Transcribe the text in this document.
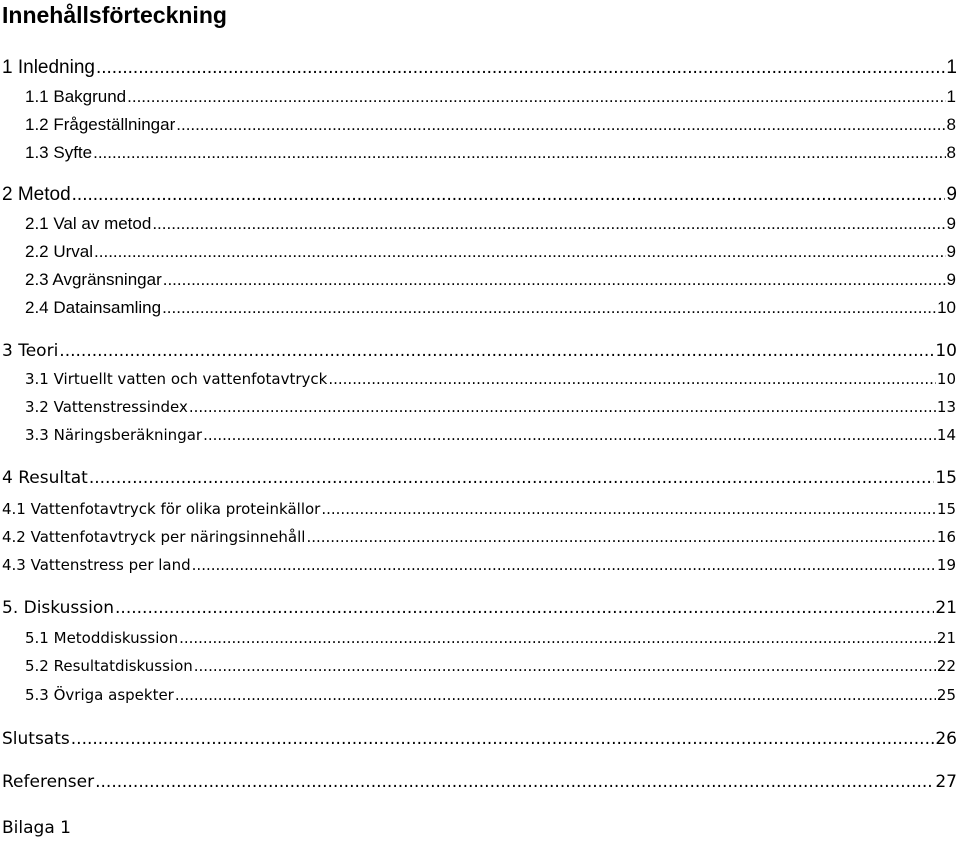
Innehållsförteckning
1 Inledning .....	1
1.1 Bakgrund .....	1
1.2 Frågeställningar .....	8
1.3 Syfte .....	8
2 Metod .....	9
2.1 Val av metod .....	9
2.2 Urval .....	9
2.3 Avgränsningar .....	9
2.4 Datainsamling .....	10
3 Teori .....	10
3.1 Virtuellt vatten och vattenfotavtryck .....	10
3.2 Vattenstressindex .....	13
3.3 Näringsberäkningar .....	14
4 Resultat .....	15
4.1 Vattenfotavtryck för olika proteinkällor .....	15
4.2 Vattenfotavtryck per näringsinnehåll .....	16
4.3 Vattenstress per land .....	19
5. Diskussion .....	21
5.1 Metoddiskussion .....	21
5.2 Resultatdiskussion .....	22
5.3 Övriga aspekter .....	25
Slutsats .....	26
Referenser .....	27
Bilaga 1
